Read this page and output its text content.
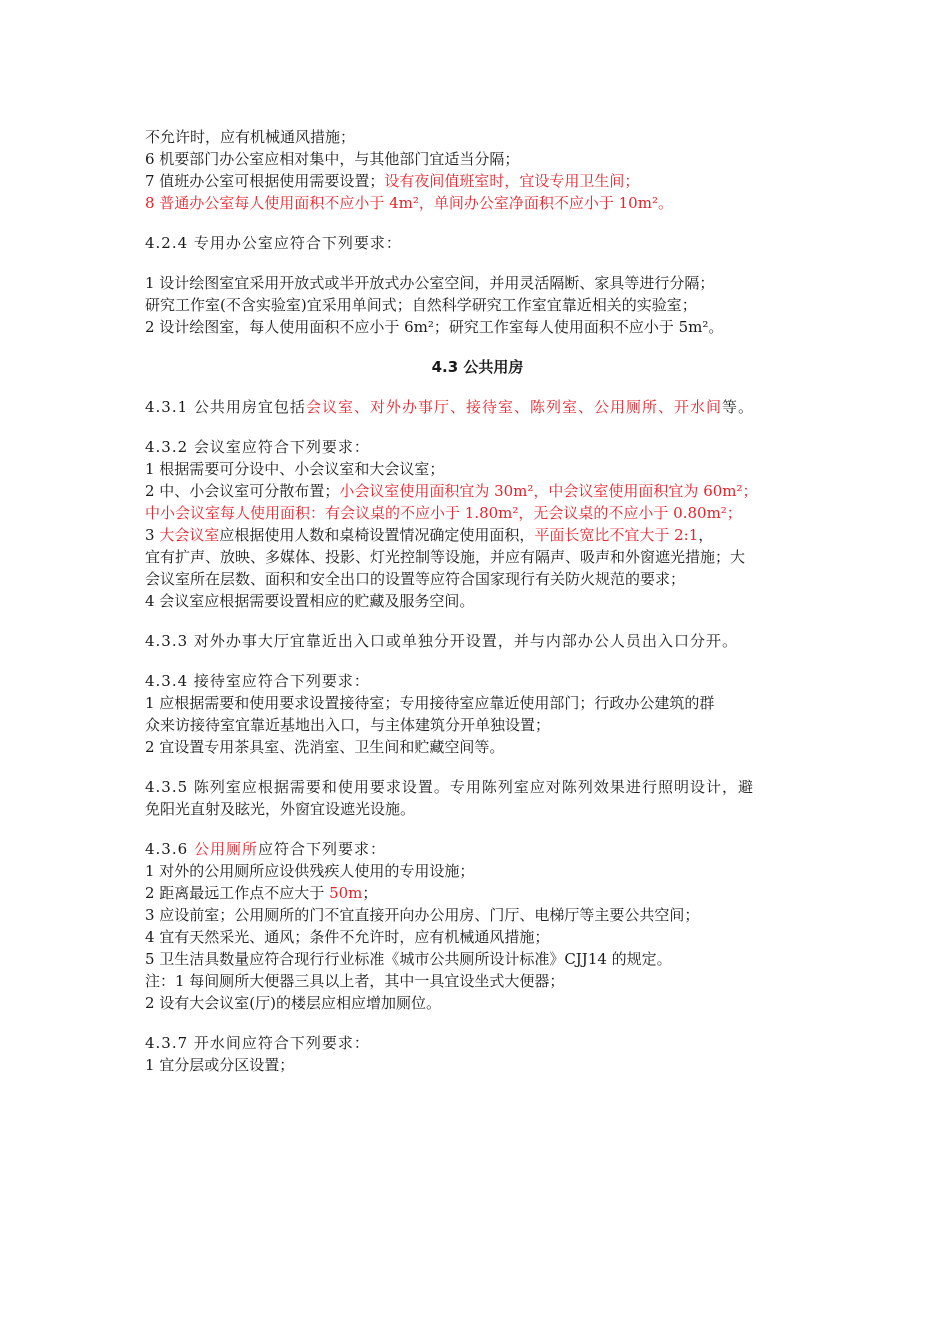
不允许时，应有机械通风措施；
6 机要部门办公室应相对集中，与其他部门宜适当分隔；
7 值班办公室可根据使用需要设置；设有夜间值班室时，宜设专用卫生间；
8 普通办公室每人使用面积不应小于 4m²，单间办公室净面积不应小于 10m²。
4.2.4 专用办公室应符合下列要求：
1 设计绘图室宜采用开放式或半开放式办公室空间，并用灵活隔断、家具等进行分隔；
研究工作室(不含实验室)宜采用单间式；自然科学研究工作室宜靠近相关的实验室；
2 设计绘图室，每人使用面积不应小于 6m²；研究工作室每人使用面积不应小于 5m²。
4.3 公共用房
4.3.1 公共用房宜包括会议室、对外办事厅、接待室、陈列室、公用厕所、开水间等。
4.3.2 会议室应符合下列要求：
1 根据需要可分设中、小会议室和大会议室；
2 中、小会议室可分散布置；小会议室使用面积宜为 30m²，中会议室使用面积宜为 60m²；
中小会议室每人使用面积：有会议桌的不应小于 1.80m²，无会议桌的不应小于 0.80m²；
3 大会议室应根据使用人数和桌椅设置情况确定使用面积，平面长宽比不宜大于 2:1，
宜有扩声、放映、多媒体、投影、灯光控制等设施，并应有隔声、吸声和外窗遮光措施；大
会议室所在层数、面积和安全出口的设置等应符合国家现行有关防火规范的要求；
4 会议室应根据需要设置相应的贮藏及服务空间。
4.3.3 对外办事大厅宜靠近出入口或单独分开设置，并与内部办公人员出入口分开。
4.3.4 接待室应符合下列要求：
1 应根据需要和使用要求设置接待室；专用接待室应靠近使用部门；行政办公建筑的群
众来访接待室宜靠近基地出入口，与主体建筑分开单独设置；
2 宜设置专用茶具室、洗消室、卫生间和贮藏空间等。
4.3.5 陈列室应根据需要和使用要求设置。专用陈列室应对陈列效果进行照明设计，避
免阳光直射及眩光，外窗宜设遮光设施。
4.3.6 公用厕所应符合下列要求：
1 对外的公用厕所应设供残疾人使用的专用设施；
2 距离最远工作点不应大于 50m；
3 应设前室；公用厕所的门不宜直接开向办公用房、门厅、电梯厅等主要公共空间；
4 宜有天然采光、通风；条件不允许时，应有机械通风措施；
5 卫生洁具数量应符合现行行业标准《城市公共厕所设计标准》CJJ14 的规定。
注：1 每间厕所大便器三具以上者，其中一具宜设坐式大便器；
2 设有大会议室(厅)的楼层应相应增加厕位。
4.3.7 开水间应符合下列要求：
1 宜分层或分区设置；
